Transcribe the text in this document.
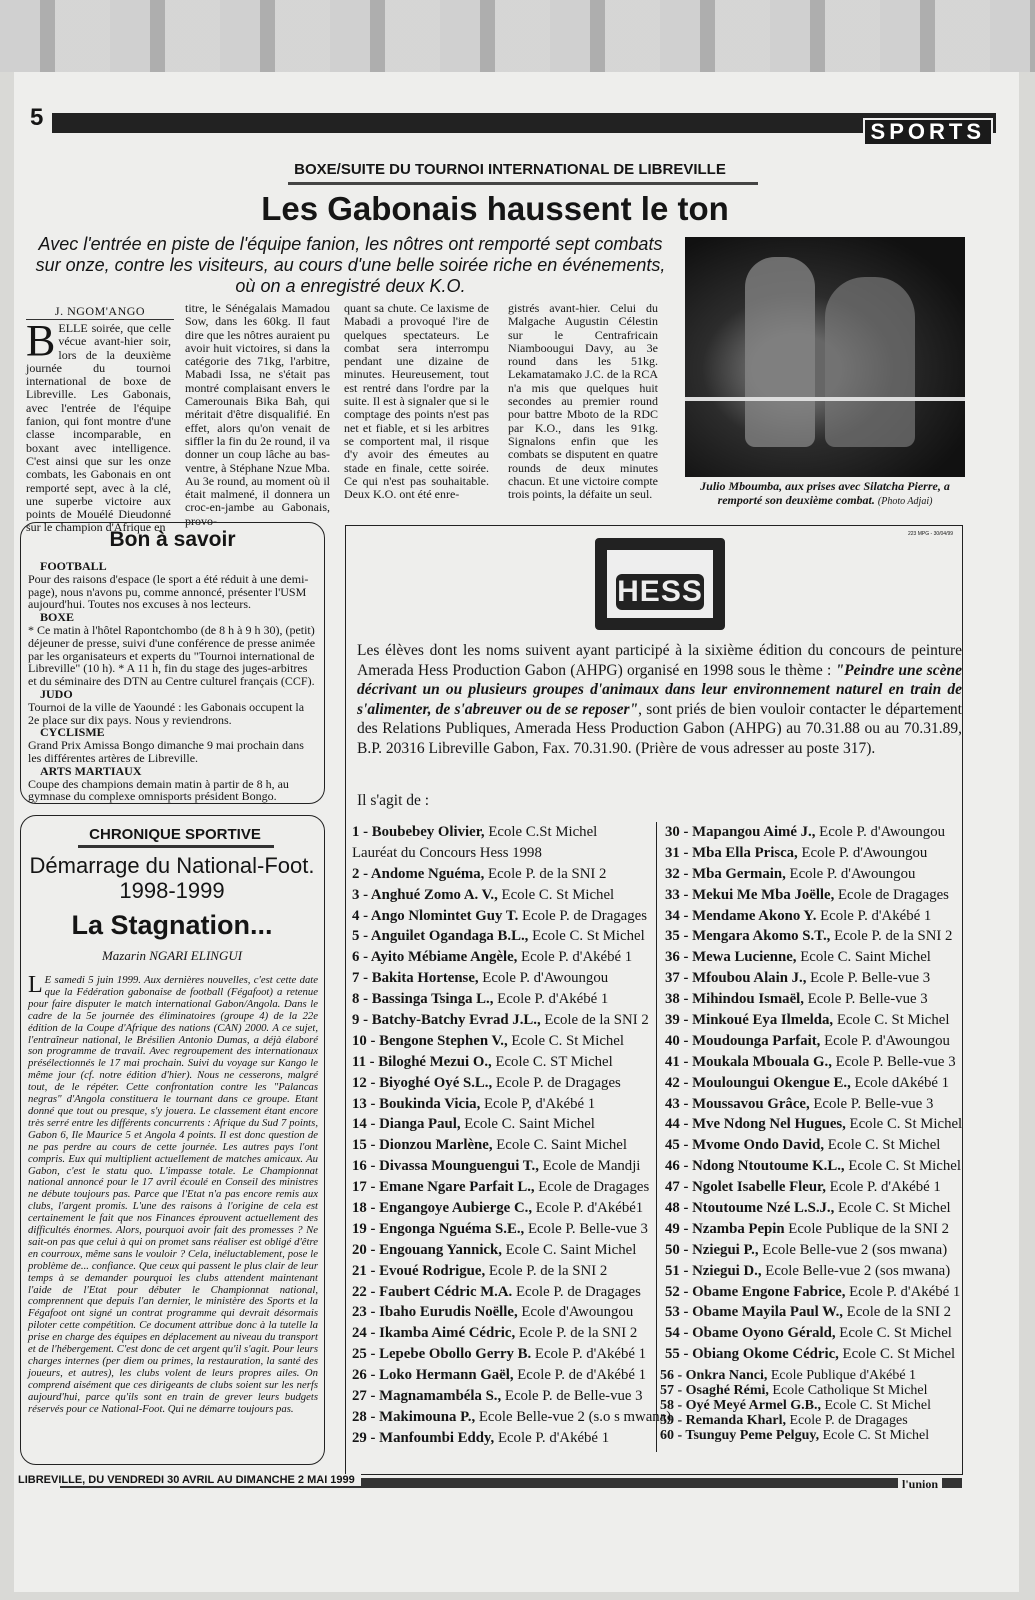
5
SPORTS
BOXE/SUITE DU TOURNOI INTERNATIONAL DE LIBREVILLE
Les Gabonais haussent le ton
Avec l'entrée en piste de l'équipe fanion, les nôtres ont remporté sept combats sur onze, contre les visiteurs, au cours d'une belle soirée riche en événements, où on a enregistré deux K.O.
J. NGOM'ANGO
BELLE soirée, que celle vécue avant-hier soir, lors de la deuxième journée du tournoi international de boxe de Libreville. Les Gabonais, avec l'entrée de l'équipe fanion, qui font montre d'une classe incomparable, en boxant avec intelligence. C'est ainsi que sur les onze combats, les Gabonais en ont remporté sept, avec à la clé, une superbe victoire aux points de Mouélé Dieudonné sur le champion d'Afrique en
titre, le Sénégalais Mamadou Sow, dans les 60kg. Il faut dire que les nôtres auraient pu avoir huit victoires, si dans la catégorie des 71kg, l'arbitre, Mabadi Issa, ne s'était pas montré complaisant envers le Camerounais Bika Bah, qui méritait d'être disqualifié. En effet, alors qu'on venait de siffler la fin du 2e round, il va donner un coup lâche au bas-ventre, à Stéphane Nzue Mba. Au 3e round, au moment où il était malmené, il donnera un croc-en-jambe au Gabonais, provo-
quant sa chute. Ce laxisme de Mabadi a provoqué l'ire de quelques spectateurs. Le combat sera interrompu pendant une dizaine de minutes. Heureusement, tout est rentré dans l'ordre par la suite. Il est à signaler que si le comptage des points n'est pas net et fiable, et si les arbitres se comportent mal, il risque d'y avoir des émeutes au stade en finale, cette soirée. Ce qui n'est pas souhaitable. Deux K.O. ont été enre-
gistrés avant-hier. Celui du Malgache Augustin Célestin sur le Centrafricain Niamboougui Davy, au 3e round dans les 51kg. Lekamatamako J.C. de la RCA n'a mis que quelques huit secondes au premier round pour battre Mboto de la RDC par K.O., dans les 91kg. Signalons enfin que les combats se disputent en quatre rounds de deux minutes chacun. Et une victoire compte trois points, la défaite un seul.
Julio Mboumba, aux prises avec Silatcha Pierre, a remporté son deuxième combat. (Photo Adjai)
Bon à savoir
FOOTBALL
Pour des raisons d'espace (le sport a été réduit à une demi-page), nous n'avons pu, comme annoncé, présenter l'USM aujourd'hui. Toutes nos excuses à nos lecteurs.
BOXE
* Ce matin à l'hôtel Rapontchombo (de 8 h à 9 h 30), (petit) déjeuner de presse, suivi d'une conférence de presse animée par les organisateurs et experts du "Tournoi international de Libreville" (10 h). * A 11 h, fin du stage des juges-arbitres et du séminaire des DTN au Centre culturel français (CCF).
JUDO
Tournoi de la ville de Yaoundé : les Gabonais occupent la 2e place sur dix pays. Nous y reviendrons.
CYCLISME
Grand Prix Amissa Bongo dimanche 9 mai prochain dans les différentes artères de Libreville.
ARTS MARTIAUX
Coupe des champions demain matin à partir de 8 h, au gymnase du complexe omnisports président Bongo.
CHRONIQUE SPORTIVE
Démarrage du National-Foot. 1998-1999
La Stagnation...
Mazarin NGARI ELINGUI
L E samedi 5 juin 1999. Aux dernières nouvelles, c'est cette date que la Fédération gabonaise de football (Fégafoot) a retenue pour faire disputer le match international Gabon/Angola. Dans le cadre de la 5e journée des éliminatoires (groupe 4) de la 22e édition de la Coupe d'Afrique des nations (CAN) 2000. A ce sujet, l'entraîneur national, le Brésilien Antonio Dumas, a déjà élaboré son programme de travail. Avec regroupement des internationaux présélectionnés le 17 mai prochain. Suivi du voyage sur Kango le même jour (cf. notre édition d'hier). Nous ne cesserons, malgré tout, de le répéter. Cette confrontation contre les "Palancas negras" d'Angola constituera le tournant dans ce groupe. Etant donné que tout ou presque, s'y jouera. Le classement étant encore très serré entre les différents concurrents : Afrique du Sud 7 points, Gabon 6, Ile Maurice 5 et Angola 4 points. Il est donc question de ne pas perdre au cours de cette journée. Les autres pays l'ont compris. Eux qui multiplient actuellement de matches amicaux. Au Gabon, c'est le statu quo. L'impasse totale. Le Championnat national annoncé pour le 17 avril écoulé en Conseil des ministres ne débute toujours pas. Parce que l'Etat n'a pas encore remis aux clubs, l'argent promis. L'une des raisons à l'origine de cela est certainement le fait que nos Finances éprouvent actuellement des difficultés énormes. Alors, pourquoi avoir fait des promesses ? Ne sait-on pas que celui à qui on promet sans réaliser est obligé d'être en courroux, même sans le vouloir ? Cela, inéluctablement, pose le problème de... confiance. Que ceux qui passent le plus clair de leur temps à se demander pourquoi les clubs attendent maintenant l'aide de l'Etat pour débuter le Championnat national, comprennent que depuis l'an dernier, le ministère des Sports et la Fégafoot ont signé un contrat programme qui devrait désormais piloter cette compétition. Ce document attribue donc à la tutelle la prise en charge des équipes en déplacement au niveau du transport et de l'hébergement. C'est donc de cet argent qu'il s'agit. Pour leurs charges internes (per diem ou primes, la restauration, la santé des joueurs, et autres), les clubs volent de leurs propres ailes. On comprend aisément que ces dirigeants de clubs soient sur les nerfs aujourd'hui, parce qu'ils sont en train de grever leurs budgets réservés pour ce National-Foot. Qui ne démarre toujours pas.
223 MPG - 30/04/99
HESS
Les élèves dont les noms suivent ayant participé à la sixième édition du concours de peinture Amerada Hess Production Gabon (AHPG) organisé en 1998 sous le thème : "Peindre une scène décrivant un ou plusieurs groupes d'animaux dans leur environnement naturel en train de s'alimenter, de s'abreuver ou de se reposer", sont priés de bien vouloir contacter le département des Relations Publiques, Amerada Hess Production Gabon (AHPG) au 70.31.88 ou au 70.31.89, B.P. 20316 Libreville Gabon, Fax. 70.31.90. (Prière de vous adresser au poste 317).
Il s'agit de :
1 - Boubebey Olivier, Ecole C.St Michel
Lauréat du Concours Hess 1998
2 - Andome Nguéma, Ecole P. de la SNI 2
3 - Anghué Zomo A. V., Ecole C. St Michel
4 - Ango Nlomintet Guy T. Ecole P. de Dragages
5 - Anguilet Ogandaga B.L., Ecole C. St Michel
6 - Ayito Mébiame Angèle, Ecole P. d'Akébé 1
7 - Bakita Hortense, Ecole P. d'Awoungou
8 - Bassinga Tsinga L., Ecole P. d'Akébé 1
9 - Batchy-Batchy Evrad J.L., Ecole de la SNI 2
10 - Bengone Stephen V., Ecole C. St Michel
11 - Biloghé Mezui O., Ecole C. ST Michel
12 - Biyoghé Oyé S.L., Ecole P. de Dragages
13 - Boukinda Vicia, Ecole P, d'Akébé 1
14 - Dianga Paul, Ecole C. Saint Michel
15 - Dionzou Marlène, Ecole C. Saint Michel
16 - Divassa Mounguengui T., Ecole de Mandji
17 - Emane Ngare Parfait L., Ecole de Dragages
18 - Engangoye Aubierge C., Ecole P. d'Akébé1
19 - Engonga Nguéma S.E., Ecole P. Belle-vue 3
20 - Engouang Yannick, Ecole C. Saint Michel
21 - Evoué Rodrigue, Ecole P. de la SNI 2
22 - Faubert Cédric M.A. Ecole P. de Dragages
23 - Ibaho Eurudis Noëlle, Ecole d'Awoungou
24 - Ikamba Aimé Cédric, Ecole P. de la SNI 2
25 - Lepebe Obollo Gerry B. Ecole P. d'Akébé 1
26 - Loko Hermann Gaël, Ecole P. de d'Akébé 1
27 - Magnamambéla S., Ecole P. de Belle-vue 3
28 - Makimouna P., Ecole Belle-vue 2 (s.o s mwana)
29 - Manfoumbi Eddy, Ecole P. d'Akébé 1
30 - Mapangou Aimé J., Ecole P. d'Awoungou
31 - Mba Ella Prisca, Ecole P. d'Awoungou
32 - Mba Germain, Ecole P. d'Awoungou
33 - Mekui Me Mba Joëlle, Ecole de Dragages
34 - Mendame Akono Y. Ecole P. d'Akébé 1
35 - Mengara Akomo S.T., Ecole P. de la SNI 2
36 - Mewa Lucienne, Ecole C. Saint Michel
37 - Mfoubou Alain J., Ecole P. Belle-vue 3
38 - Mihindou Ismaël, Ecole P. Belle-vue 3
39 - Minkoué Eya Ilmelda, Ecole C. St Michel
40 - Moudounga Parfait, Ecole P. d'Awoungou
41 - Moukala Mbouala G., Ecole P. Belle-vue 3
42 - Mouloungui Okengue E., Ecole dAkébé 1
43 - Moussavou Grâce, Ecole P. Belle-vue 3
44 - Mve Ndong Nel Hugues, Ecole C. St Michel
45 - Mvome Ondo David, Ecole C. St Michel
46 - Ndong Ntoutoume K.L., Ecole C. St Michel
47 - Ngolet Isabelle Fleur, Ecole P. d'Akébé 1
48 - Ntoutoume Nzé L.S.J., Ecole C. St Michel
49 - Nzamba Pepin Ecole Publique de la SNI 2
50 - Nziegui P., Ecole Belle-vue 2 (sos mwana)
51 - Nziegui D., Ecole Belle-vue 2 (sos mwana)
52 - Obame Engone Fabrice, Ecole P. d'Akébé 1
53 - Obame Mayila Paul W., Ecole de la SNI 2
54 - Obame Oyono Gérald, Ecole C. St Michel
55 - Obiang Okome Cédric, Ecole C. St Michel
56 - Onkra Nanci, Ecole Publique d'Akébé 1
57 - Osaghé Rémi, Ecole Catholique St Michel
58 - Oyé Meyé Armel G.B., Ecole C. St Michel
59 - Remanda Kharl, Ecole P. de Dragages
60 - Tsunguy Peme Pelguy, Ecole C. St Michel
LIBREVILLE, DU VENDREDI 30 AVRIL AU DIMANCHE 2 MAI 1999	l'union
